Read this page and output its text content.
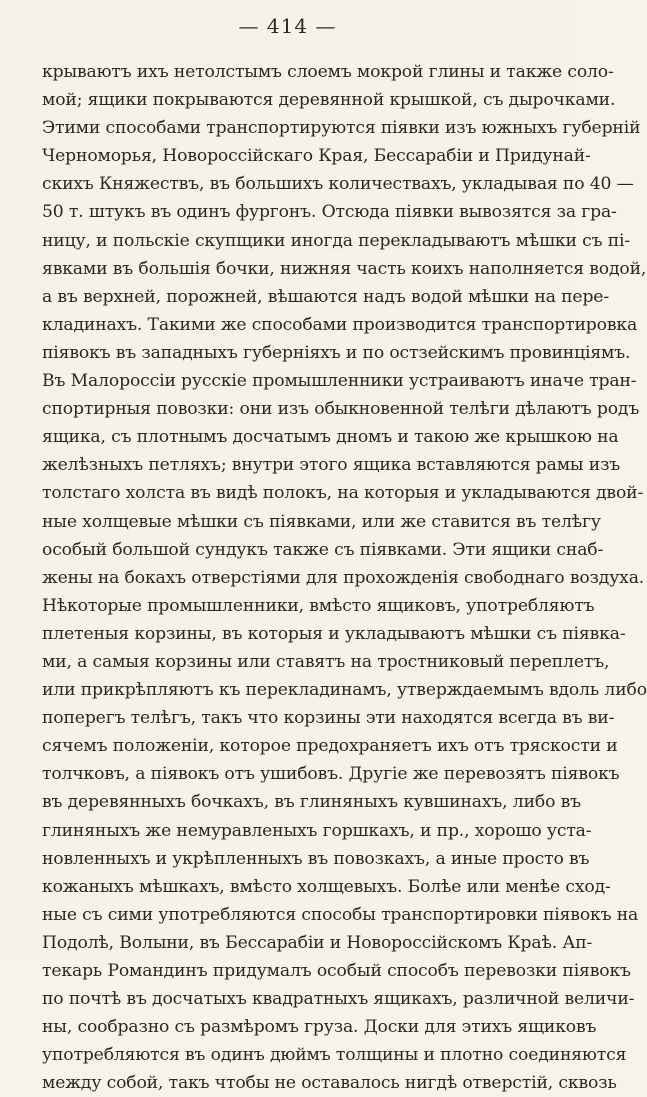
— 414 —
крываютъ ихъ нетолстымъ слоемъ мокрой глины и также соло-
мой; ящики покрываются деревянной крышкой, съ дырочками.
Этими способами транспортируются піявки изъ южныхъ губерній
Черноморья, Новороссійскаго Края, Бессарабіи и Придунай-
скихъ Княжествъ, въ большихъ количествахъ, укладывая по 40 —
50 т. штукъ въ одинъ фургонъ. Отсюда піявки вывозятся за гра-
ницу, и польскіе скупщики иногда перекладываютъ мѣшки съ пі-
явками въ большія бочки, нижняя часть коихъ наполняется водой,
а въ верхней, порожней, вѣшаются надъ водой мѣшки на пере-
кладинахъ. Такими же способами производится транспортировка
піявокъ въ западныхъ губерніяхъ и по остзейскимъ провинціямъ.
Въ Малороссіи русскіе промышленники устраиваютъ иначе тран-
спортирныя повозки: они изъ обыкновенной телѣги дѣлаютъ родъ
ящика, съ плотнымъ досчатымъ дномъ и такою же крышкою на
желѣзныхъ петляхъ; внутри этого ящика вставляются рамы изъ
толстаго холста въ видѣ полокъ, на которыя и укладываются двой-
ные холщевые мѣшки съ піявками, или же ставится въ телѣгу
особый большой сундукъ также съ піявками. Эти ящики снаб-
жены на бокахъ отверстіями для прохожденія свободнаго воздуха.
Нѣкоторые промышленники, вмѣсто ящиковъ, употребляютъ
плетеныя корзины, въ которыя и укладываютъ мѣшки съ піявка-
ми, а самыя корзины или ставятъ на тростниковый переплетъ,
или прикрѣпляютъ къ перекладинамъ, утверждаемымъ вдоль либо
поперегъ телѣгъ, такъ что корзины эти находятся всегда въ ви-
сячемъ положеніи, которое предохраняетъ ихъ отъ тряскости и
толчковъ, а піявокъ отъ ушибовъ. Другіе же перевозятъ піявокъ
въ деревянныхъ бочкахъ, въ глиняныхъ кувшинахъ, либо въ
глиняныхъ же немуравленыхъ горшкахъ, и пр., хорошо уста-
новленныхъ и укрѣпленныхъ въ повозкахъ, а иные просто въ
кожаныхъ мѣшкахъ, вмѣсто холщевыхъ. Болѣе или менѣе сход-
ные съ сими употребляются способы транспортировки піявокъ на
Подолѣ, Волыни, въ Бессарабіи и Новороссійскомъ Краѣ. Ап-
текарь Романдинъ придумалъ особый способъ перевозки піявокъ
по почтѣ въ досчатыхъ квадратныхъ ящикахъ, различной величи-
ны, сообразно съ размѣромъ груза. Доски для этихъ ящиковъ
употребляются въ одинъ дюймъ толщины и плотно соединяются
между собой, такъ чтобы не оставалось нигдѣ отверстій, сквозь
